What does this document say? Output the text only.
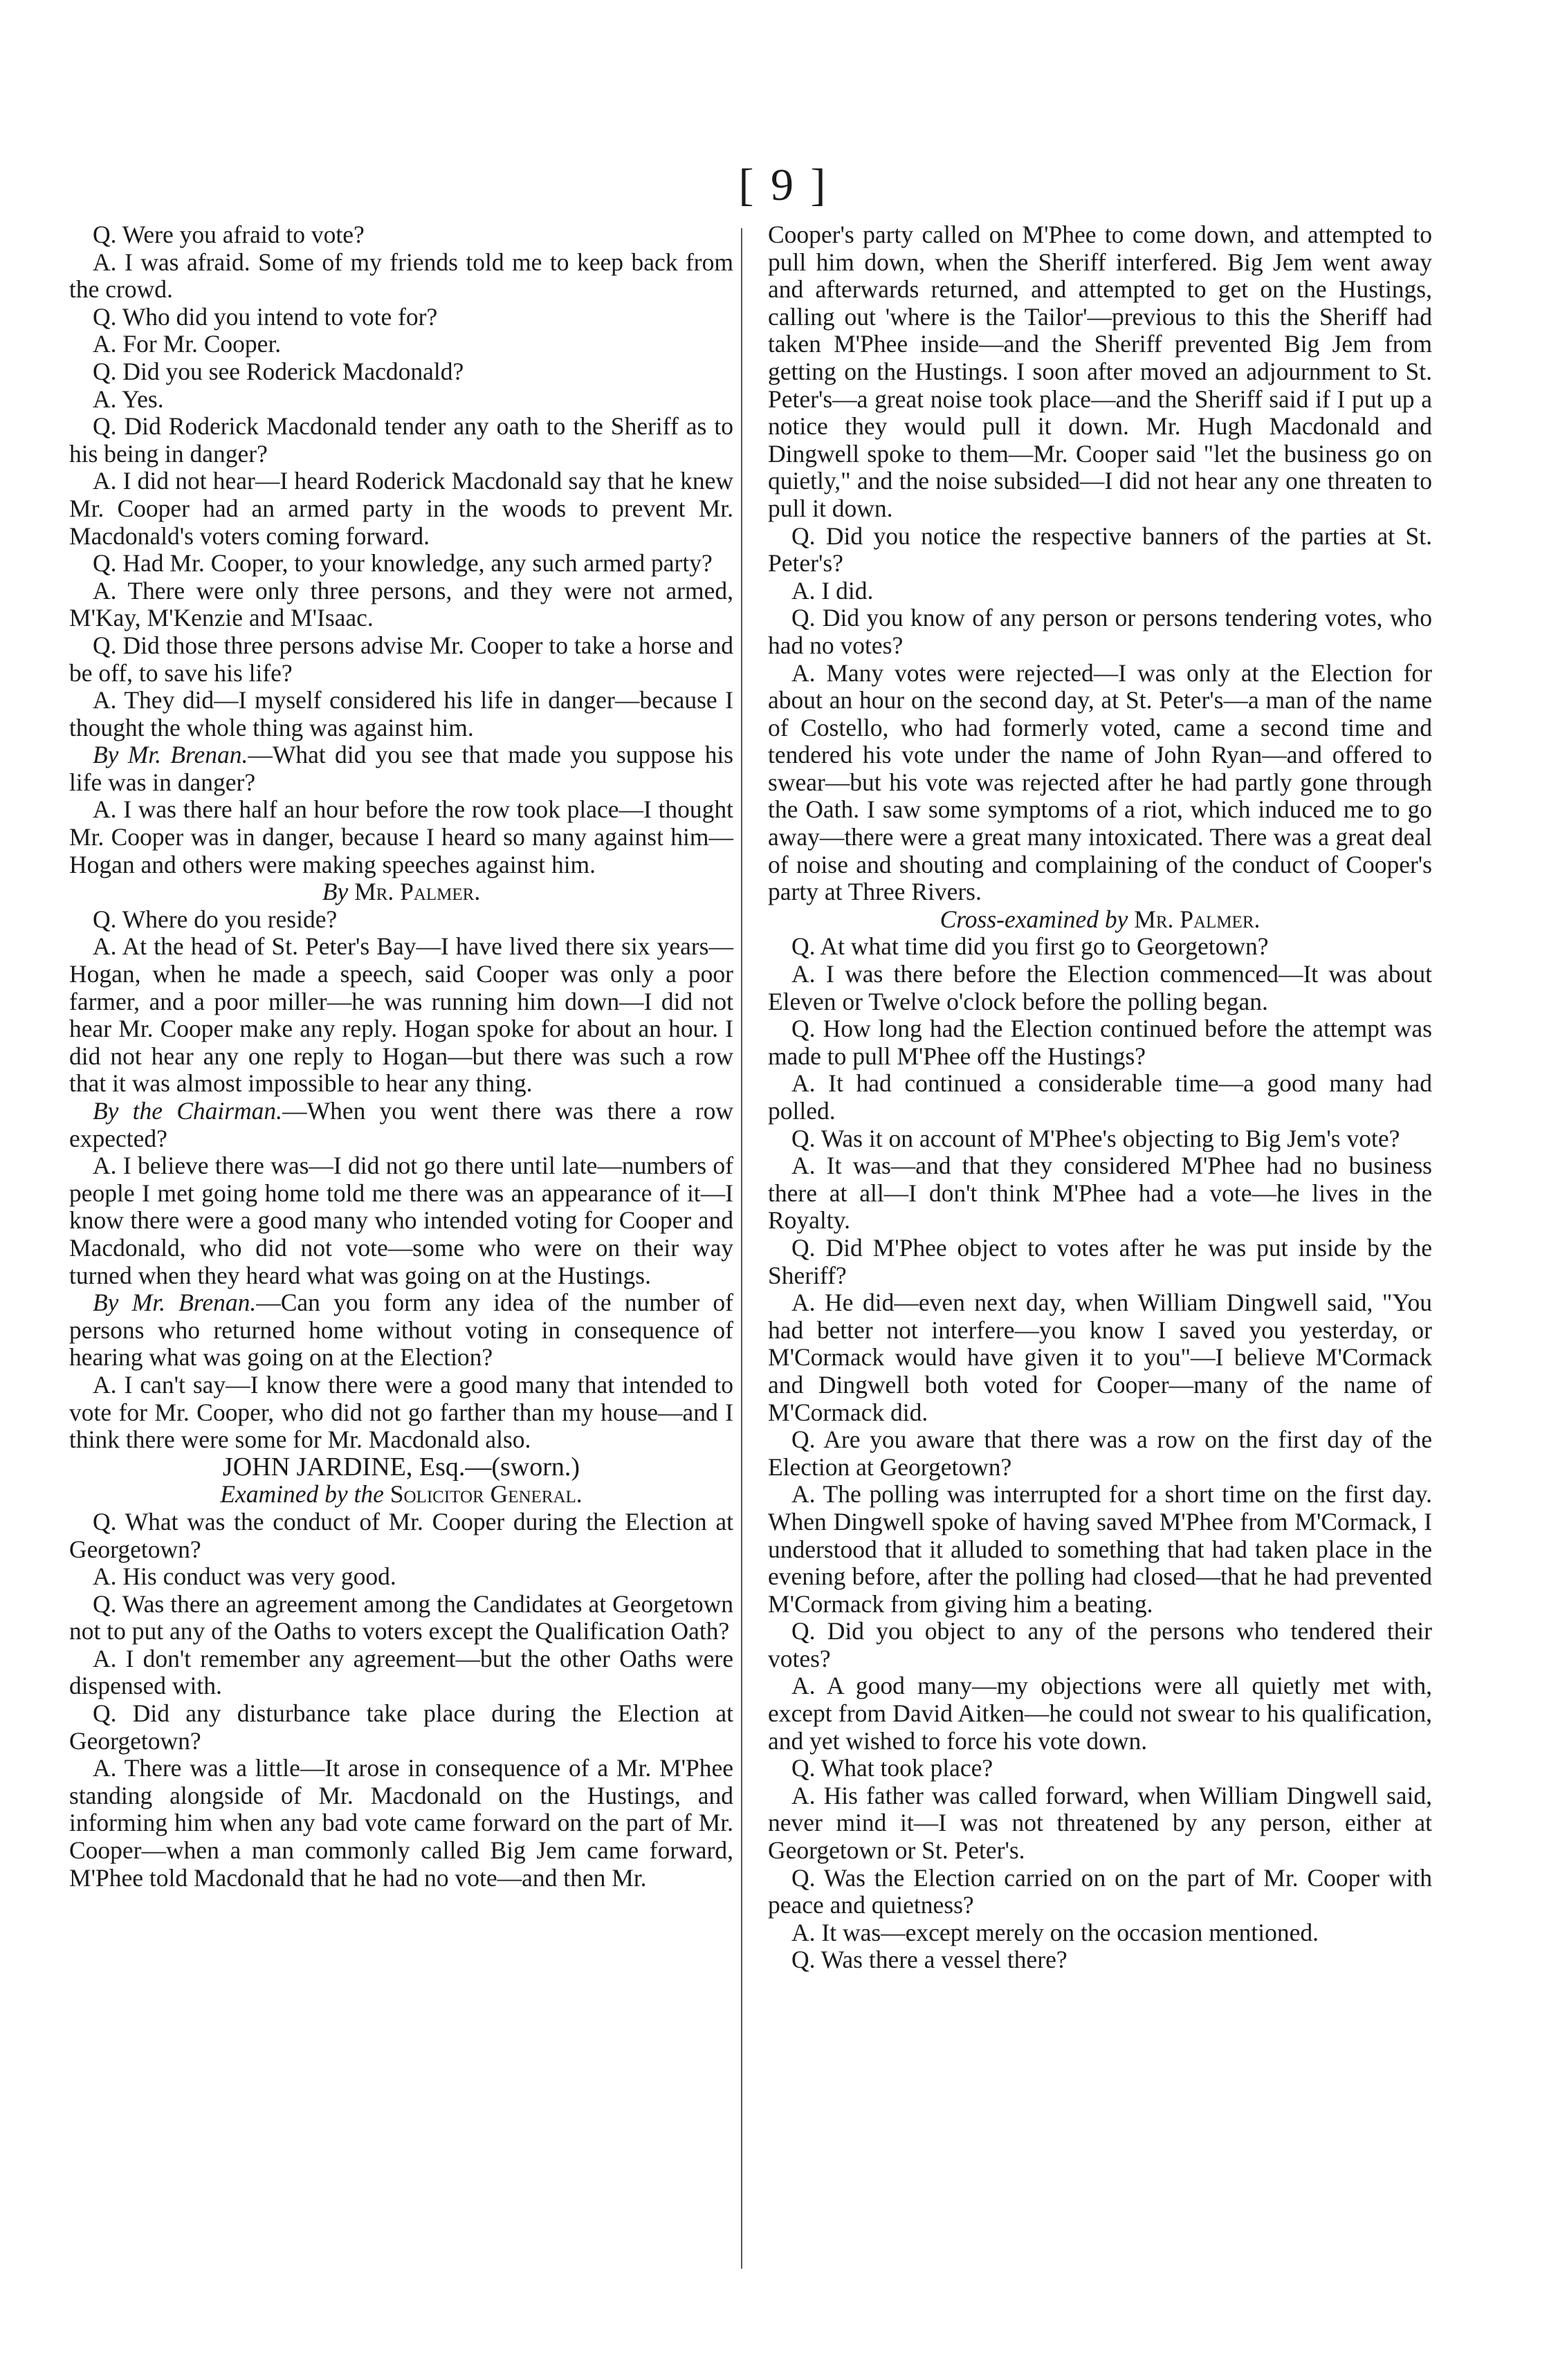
[ 9 ]

Q. Were you afraid to vote?

A. I was afraid. Some of my friends told me to keep back from the crowd.

Q. Who did you intend to vote for?

A. For Mr. Cooper.

Q. Did you see Roderick Macdonald?

A. Yes.

Q. Did Roderick Macdonald tender any oath to the Sheriff as to his being in danger?

A. I did not hear—I heard Roderick Macdonald say that he knew Mr. Cooper had an armed party in the woods to prevent Mr. Macdonald's voters coming forward.

Q. Had Mr. Cooper, to your knowledge, any such armed party?

A. There were only three persons, and they were not armed, M'Kay, M'Kenzie and M'Isaac.

Q. Did those three persons advise Mr. Cooper to take a horse and be off, to save his life?

A. They did—I myself considered his life in danger—because I thought the whole thing was against him.

By Mr. Brenan.—What did you see that made you suppose his life was in danger?

A. I was there half an hour before the row took place—I thought Mr. Cooper was in danger, because I heard so many against him—Hogan and others were making speeches against him.

By Mr. Palmer.

Q. Where do you reside?

A. At the head of St. Peter's Bay—I have lived there six years—Hogan, when he made a speech, said Cooper was only a poor farmer, and a poor miller—he was running him down—I did not hear Mr. Cooper make any reply. Hogan spoke for about an hour. I did not hear any one reply to Hogan—but there was such a row that it was almost impossible to hear any thing.

By the Chairman.—When you went there was there a row expected?

A. I believe there was—I did not go there until late—numbers of people I met going home told me there was an appearance of it—I know there were a good many who intended voting for Cooper and Macdonald, who did not vote—some who were on their way turned when they heard what was going on at the Hustings.

By Mr. Brenan.—Can you form any idea of the number of persons who returned home without voting in consequence of hearing what was going on at the Election?

A. I can't say—I know there were a good many that intended to vote for Mr. Cooper, who did not go farther than my house—and I think there were some for Mr. Macdonald also.

JOHN JARDINE, Esq.—(sworn.)

Examined by the Solicitor General.

Q. What was the conduct of Mr. Cooper during the Election at Georgetown?

A. His conduct was very good.

Q. Was there an agreement among the Candidates at Georgetown not to put any of the Oaths to voters except the Qualification Oath?

A. I don't remember any agreement—but the other Oaths were dispensed with.

Q. Did any disturbance take place during the Election at Georgetown?

A. There was a little—It arose in consequence of a Mr. M'Phee standing alongside of Mr. Macdonald on the Hustings, and informing him when any bad vote came forward on the part of Mr. Cooper—when a man commonly called Big Jem came forward, M'Phee told Macdonald that he had no vote—and then Mr.

Cooper's party called on M'Phee to come down, and attempted to pull him down, when the Sheriff interfered. Big Jem went away and afterwards returned, and attempted to get on the Hustings, calling out 'where is the Tailor'—previous to this the Sheriff had taken M'Phee inside—and the Sheriff prevented Big Jem from getting on the Hustings. I soon after moved an adjournment to St. Peter's—a great noise took place—and the Sheriff said if I put up a notice they would pull it down. Mr. Hugh Macdonald and Dingwell spoke to them—Mr. Cooper said "let the business go on quietly," and the noise subsided—I did not hear any one threaten to pull it down.

Q. Did you notice the respective banners of the parties at St. Peter's?

A. I did.

Q. Did you know of any person or persons tendering votes, who had no votes?

A. Many votes were rejected—I was only at the Election for about an hour on the second day, at St. Peter's—a man of the name of Costello, who had formerly voted, came a second time and tendered his vote under the name of John Ryan—and offered to swear—but his vote was rejected after he had partly gone through the Oath. I saw some symptoms of a riot, which induced me to go away—there were a great many intoxicated. There was a great deal of noise and shouting and complaining of the conduct of Cooper's party at Three Rivers.

Cross-examined by Mr. Palmer.

Q. At what time did you first go to Georgetown?

A. I was there before the Election commenced—It was about Eleven or Twelve o'clock before the polling began.

Q. How long had the Election continued before the attempt was made to pull M'Phee off the Hustings?

A. It had continued a considerable time—a good many had polled.

Q. Was it on account of M'Phee's objecting to Big Jem's vote?

A. It was—and that they considered M'Phee had no business there at all—I don't think M'Phee had a vote—he lives in the Royalty.

Q. Did M'Phee object to votes after he was put inside by the Sheriff?

A. He did—even next day, when William Dingwell said, "You had better not interfere—you know I saved you yesterday, or M'Cormack would have given it to you"—I believe M'Cormack and Dingwell both voted for Cooper—many of the name of M'Cormack did.

Q. Are you aware that there was a row on the first day of the Election at Georgetown?

A. The polling was interrupted for a short time on the first day. When Dingwell spoke of having saved M'Phee from M'Cormack, I understood that it alluded to something that had taken place in the evening before, after the polling had closed—that he had prevented M'Cormack from giving him a beating.

Q. Did you object to any of the persons who tendered their votes?

A. A good many—my objections were all quietly met with, except from David Aitken—he could not swear to his qualification, and yet wished to force his vote down.

Q. What took place?

A. His father was called forward, when William Dingwell said, never mind it—I was not threatened by any person, either at Georgetown or St. Peter's.

Q. Was the Election carried on on the part of Mr. Cooper with peace and quietness?

A. It was—except merely on the occasion mentioned.

Q. Was there a vessel there?
